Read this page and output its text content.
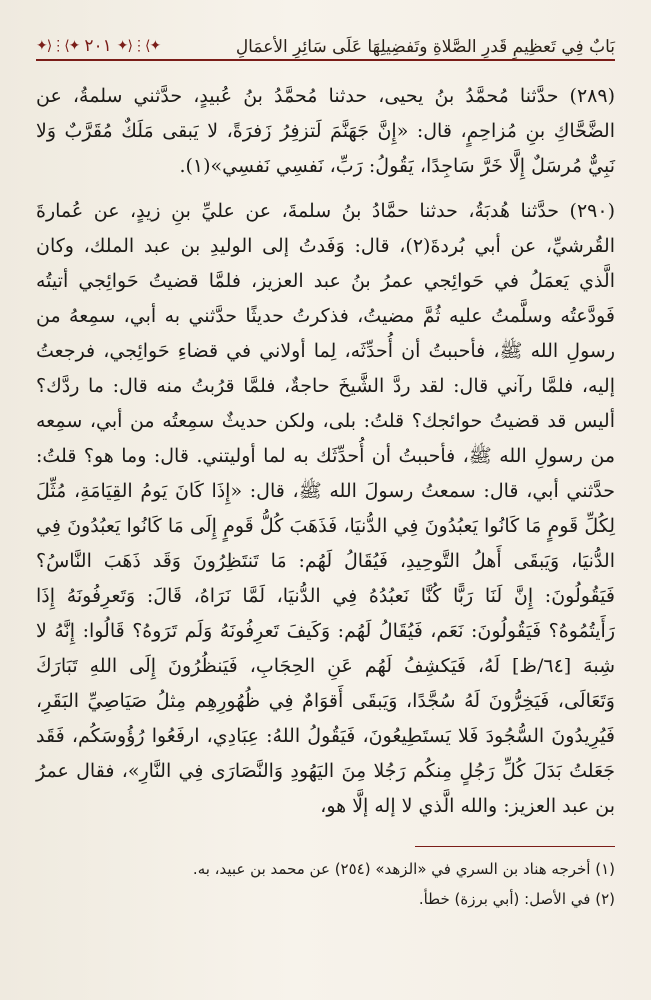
بَابٌ فِي تَعظِيمِ قَدرِ الصَّلاةِ وتَفضِيلِهَا عَلَى سَائِرِ الأعمَالِ
✦⟩⋮⟨✦ ٢٠١ ✦⟩⋮⟨✦

(٢٨٩) حدَّثنا مُحمَّدُ بنُ يحيى، حدثنا مُحمَّدُ بنُ عُبيدٍ، حدَّثني سلمةُ، عن الضَّحَّاكِ بنِ مُزاحِمٍ، قال: «إِنَّ جَهَنَّمَ لَتزفِرُ زَفرَةً، لا يَبقى مَلَكٌ مُقَرَّبٌ وَلا نَبِيٌّ مُرسَلٌ إِلَّا خَرَّ سَاجِدًا، يَقُولُ: رَبِّ، نَفسِي نَفسِي»(١).

(٢٩٠) حدَّثنا هُدبَةُ، حدثنا حمَّادُ بنُ سلمةَ، عن عليِّ بنِ زيدٍ، عن عُمارةَ القُرشيِّ، عن أبي بُردةَ(٢)، قال: وَفَدتُ إلى الوليدِ بن عبد الملك، وكان الَّذي يَعمَلُ في حَوائِجي عمرُ بنُ عبد العزيز، فلمَّا قضيتُ حَوائِجي أتيتُه فَودَّعتُه وسلَّمتُ عليه ثُمَّ مضيتُ، فذكرتُ حديثًا حدَّثني به أبي، سمِعهُ من رسولِ الله ﷺ، فأحببتُ أن أُحدِّثَه، لِما أولاني في قضاءِ حَوائِجي، فرجعتُ إليه، فلمَّا رآني قال: لقد ردَّ الشَّيخَ حاجةٌ، فلمَّا قرُبتُ منه قال: ما ردَّك؟ أليس قد قضيتُ حوائجك؟ قلتُ: بلى، ولكن حديثٌ سمِعتُه من أبي، سمِعه من رسولِ الله ﷺ، فأحببتُ أن أُحدِّثَك به لما أوليتني. قال: وما هو؟ قلتُ: حدَّثني أبي، قال: سمعتُ رسولَ الله ﷺ، قال: «إِذَا كَانَ يَومُ القِيَامَةِ، مُثِّلَ لِكُلِّ قَومٍ مَا كَانُوا يَعبُدُونَ فِي الدُّنيَا، فَذَهَبَ كُلُّ قَومٍ إِلَى مَا كَانُوا يَعبُدُونَ فِي الدُّنيَا، وَيَبقَى أَهلُ التَّوحِيدِ، فَيُقَالُ لَهُم: مَا تَنتَظِرُونَ وَقَد ذَهَبَ النَّاسُ؟ فَيَقُولُونَ: إِنَّ لَنَا رَبًّا كُنَّا نَعبُدُهُ فِي الدُّنيَا، لَمَّا نَرَاهُ، قَالَ: وَتَعرِفُونَهُ إِذَا رَأَيتُمُوهُ؟ فَيَقُولُونَ: نَعَم، فَيُقَالُ لَهُم: وَكَيفَ تَعرِفُونَهُ وَلَم تَرَوهُ؟ قَالُوا: إِنَّهُ لا شِبهَ [٦٤/ظ] لَهُ، فَيَكشِفُ لَهُم عَنِ الحِجَابِ، فَيَنظُرُونَ إِلَى اللهِ تَبَارَكَ وَتَعَالَى، فَيَخِرُّونَ لَهُ سُجَّدًا، وَيَبقَى أَقوَامٌ فِي ظُهُورِهِم مِثلُ صَيَاصِيِّ البَقَرِ، فَيُرِيدُونَ السُّجُودَ فَلا يَستَطِيعُونَ، فَيَقُولُ اللهُ: عِبَادِي، ارفَعُوا رُؤُوسَكُم، فَقَد جَعَلتُ بَدَلَ كُلِّ رَجُلٍ مِنكُم رَجُلا مِنَ اليَهُودِ وَالنَّصَارَى فِي النَّارِ»، فقال عمرُ بن عبد العزيز: والله الَّذي لا إله إلَّا هو،

(١) أخرجه هناد بن السري في «الزهد» (٢٥٤) عن محمد بن عبيد، به.

(٢) في الأصل: (أبي برزة) خطأ.
